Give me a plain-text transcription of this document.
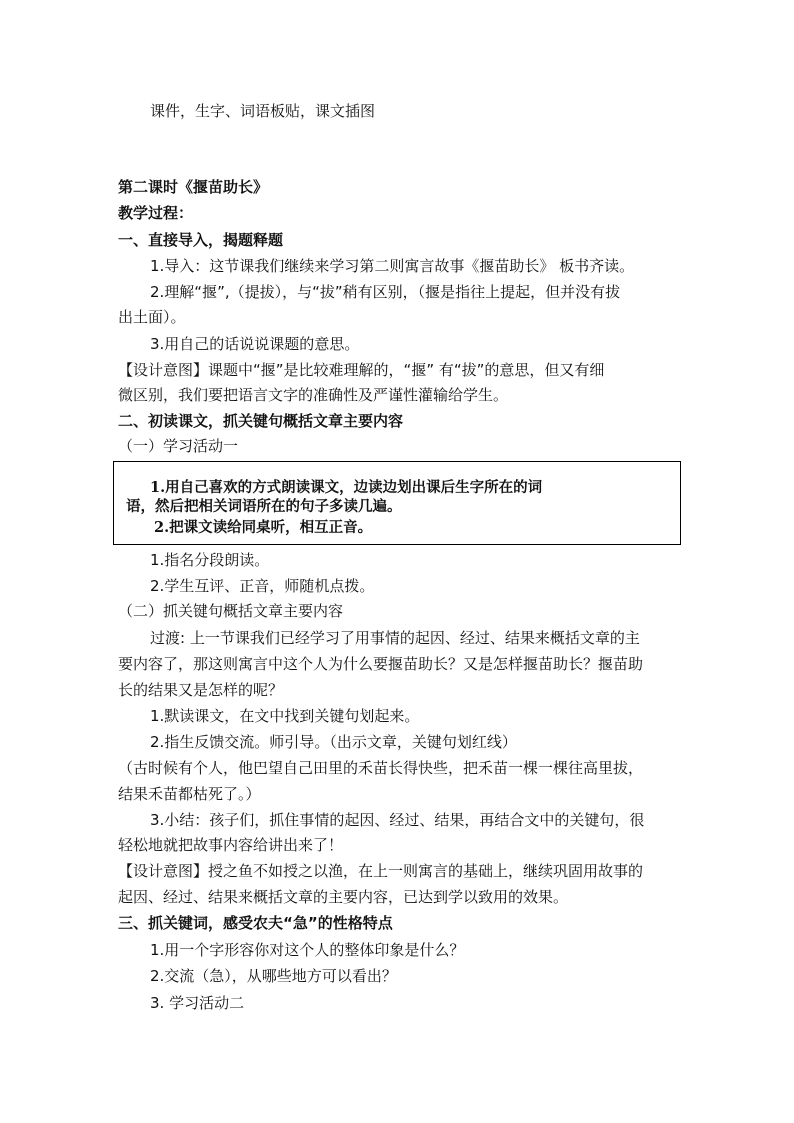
课件，生字、词语板贴，课文插图
第二课时《揠苗助长》
教学过程：
一、直接导入，揭题释题
1.导入：这节课我们继续来学习第二则寓言故事《揠苗助长》 板书齐读。
2.理解“揠”,（提拔），与“拔”稍有区别，（揠是指往上提起，但并没有拔
出土面）。
3.用自己的话说说课题的意思。
【设计意图】课题中“揠”是比较难理解的，“揠” 有“拔”的意思，但又有细
微区别，我们要把语言文字的准确性及严谨性灌输给学生。
二、初读课文，抓关键句概括文章主要内容
（一）学习活动一
1.用自己喜欢的方式朗读课文，边读边划出课后生字所在的词
语，然后把相关词语所在的句子多读几遍。
2.把课文读给同桌听，相互正音。
1.指名分段朗读。
2.学生互评、正音，师随机点拨。
（二）抓关键句概括文章主要内容
过渡: 上一节课我们已经学习了用事情的起因、经过、结果来概括文章的主
要内容了，那这则寓言中这个人为什么要揠苗助长？又是怎样揠苗助长？揠苗助
长的结果又是怎样的呢？
1.默读课文，在文中找到关键句划起来。
2.指生反馈交流。师引导。（出示文章，关键句划红线）
（古时候有个人，他巴望自己田里的禾苗长得快些，把禾苗一棵一棵往高里拔，
结果禾苗都枯死了。）
3.小结：孩子们，抓住事情的起因、经过、结果，再结合文中的关键句，很
轻松地就把故事内容给讲出来了！
【设计意图】授之鱼不如授之以渔，在上一则寓言的基础上，继续巩固用故事的
起因、经过、结果来概括文章的主要内容，已达到学以致用的效果。
三、抓关键词，感受农夫“急”的性格特点
1.用一个字形容你对这个人的整体印象是什么？
2.交流（急），从哪些地方可以看出？
3. 学习活动二
